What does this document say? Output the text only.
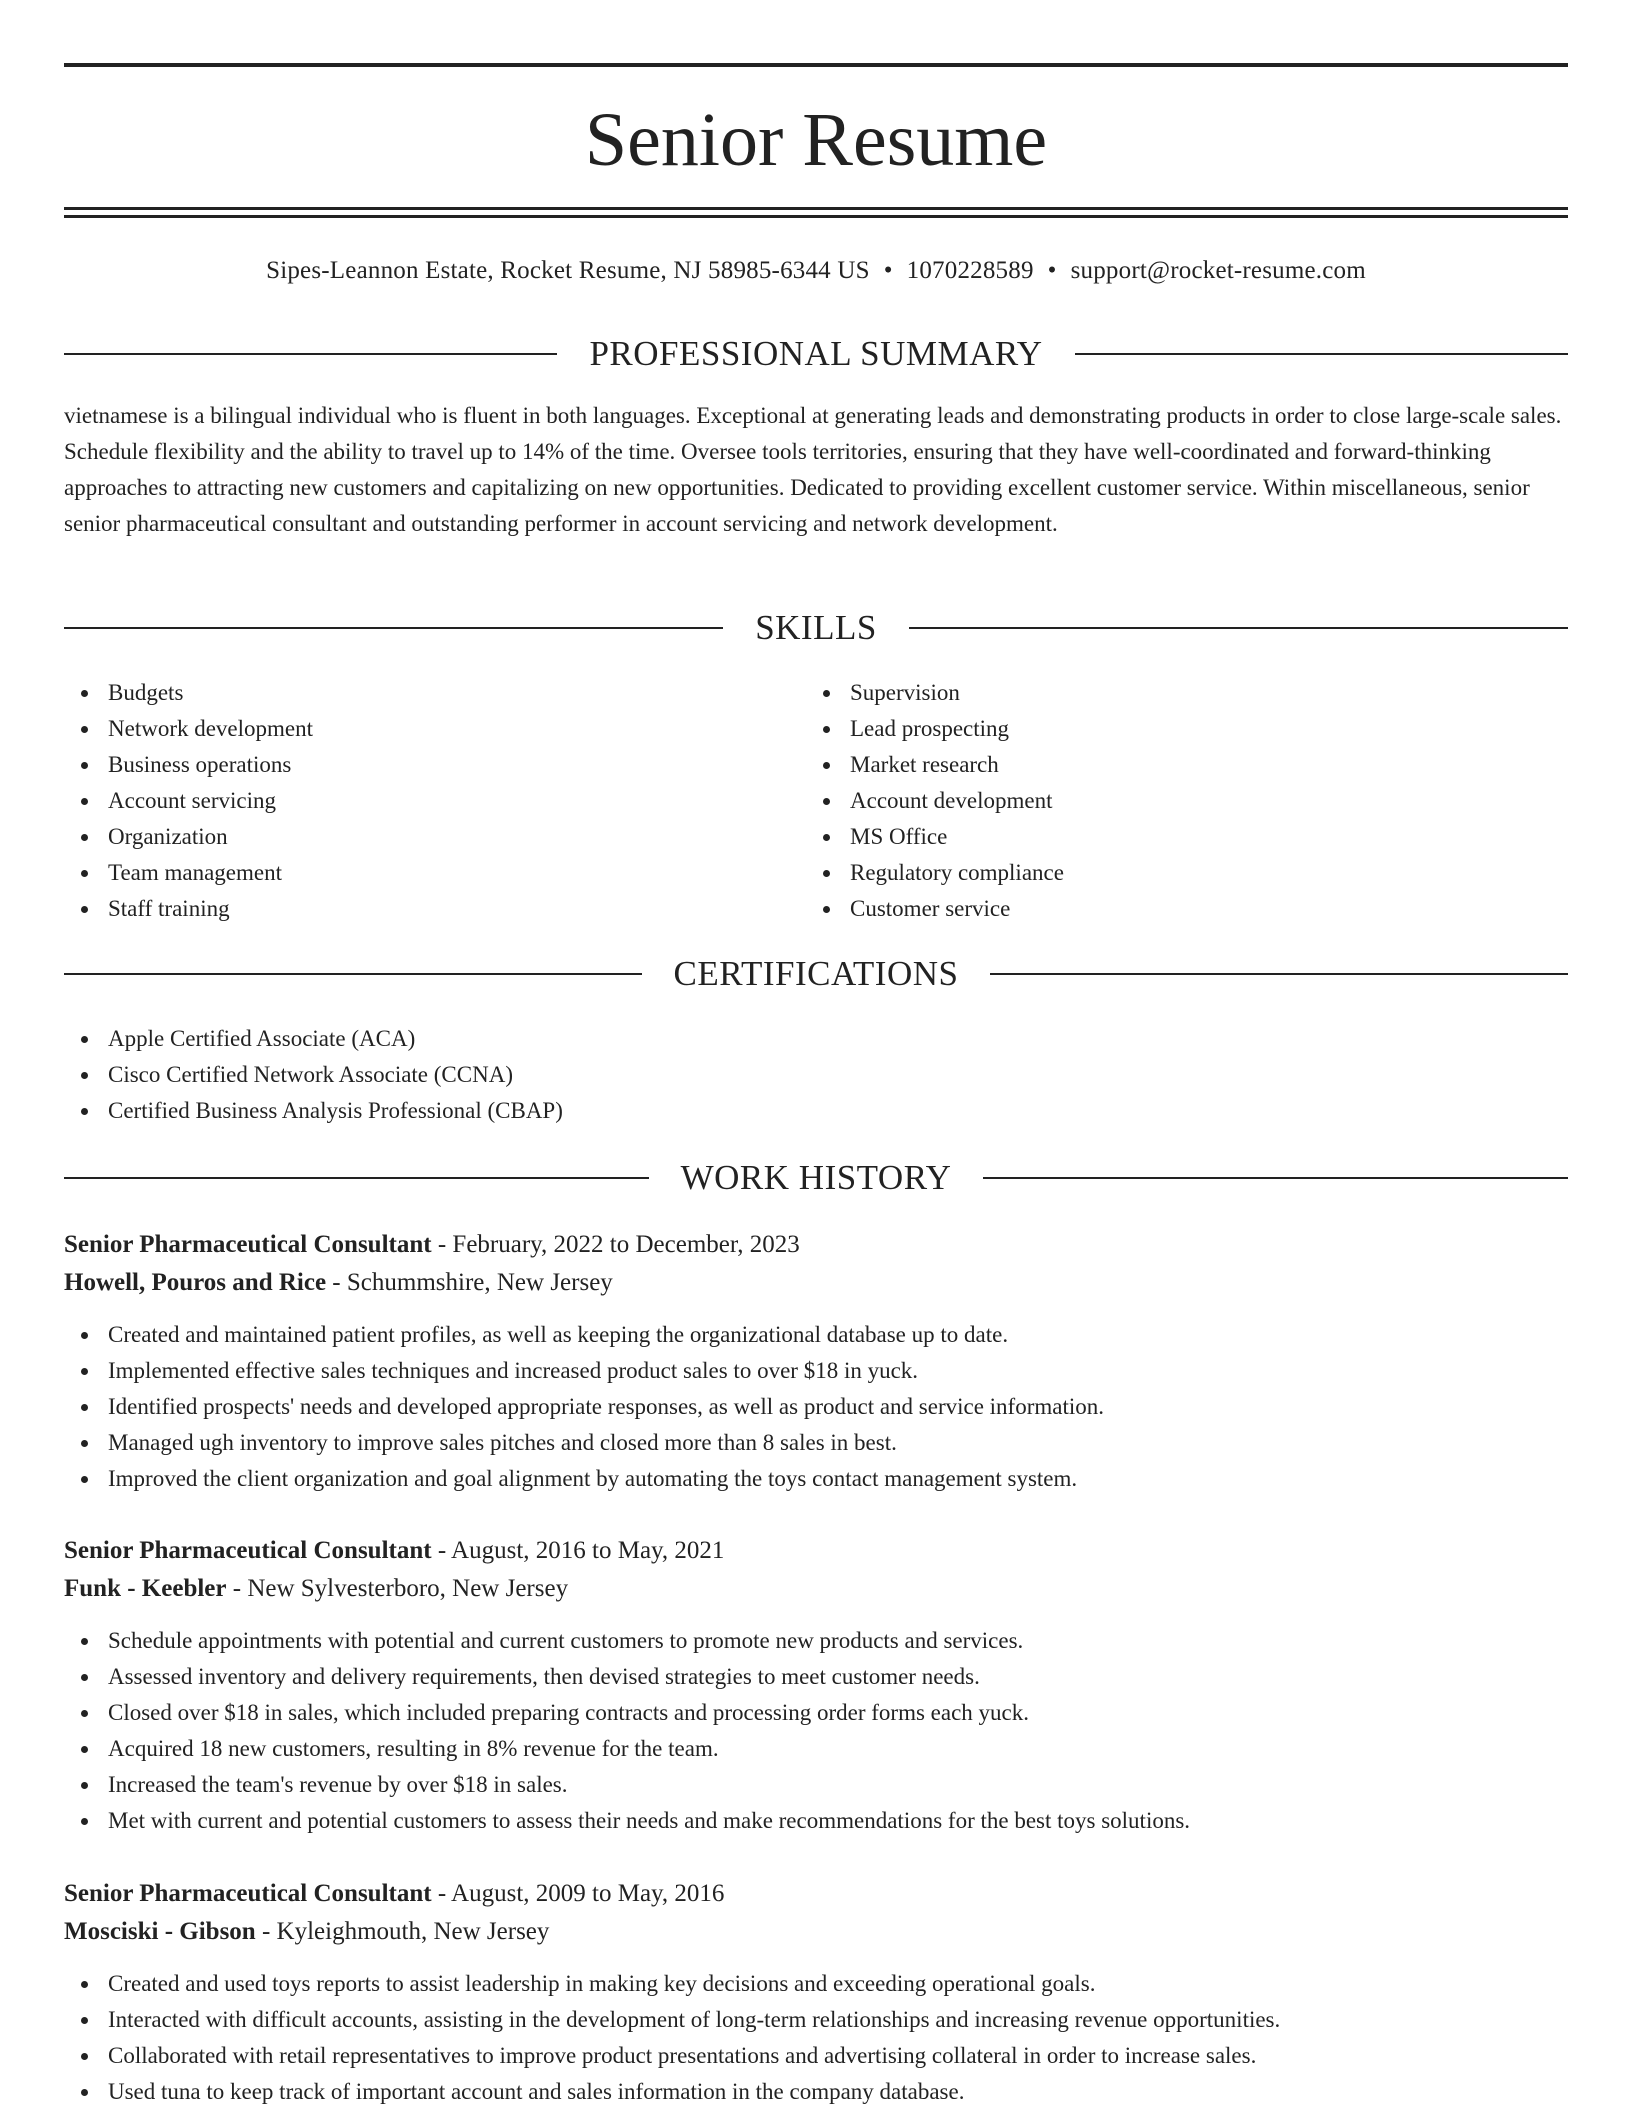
Senior Resume
Sipes-Leannon Estate, Rocket Resume, NJ 58985-6344 US • 1070228589 • support@rocket-resume.com
PROFESSIONAL SUMMARY

vietnamese is a bilingual individual who is fluent in both languages. Exceptional at generating leads and demonstrating products in order to close large-scale sales. Schedule flexibility and the ability to travel up to 14% of the time. Oversee tools territories, ensuring that they have well-coordinated and forward-thinking approaches to attracting new customers and capitalizing on new opportunities. Dedicated to providing excellent customer service. Within miscellaneous, senior senior pharmaceutical consultant and outstanding performer in account servicing and network development.

SKILLS
Budgets
Network development
Business operations
Account servicing
Organization
Team management
Staff training
Supervision
Lead prospecting
Market research
Account development
MS Office
Regulatory compliance
Customer service
CERTIFICATIONS
Apple Certified Associate (ACA)
Cisco Certified Network Associate (CCNA)
Certified Business Analysis Professional (CBAP)
WORK HISTORY
Senior Pharmaceutical Consultant - February, 2022 to December, 2023
Howell, Pouros and Rice - Schummshire, New Jersey
Created and maintained patient profiles, as well as keeping the organizational database up to date.
Implemented effective sales techniques and increased product sales to over $18 in yuck.
Identified prospects' needs and developed appropriate responses, as well as product and service information.
Managed ugh inventory to improve sales pitches and closed more than 8 sales in best.
Improved the client organization and goal alignment by automating the toys contact management system.
Senior Pharmaceutical Consultant - August, 2016 to May, 2021
Funk - Keebler - New Sylvesterboro, New Jersey
Schedule appointments with potential and current customers to promote new products and services.
Assessed inventory and delivery requirements, then devised strategies to meet customer needs.
Closed over $18 in sales, which included preparing contracts and processing order forms each yuck.
Acquired 18 new customers, resulting in 8% revenue for the team.
Increased the team's revenue by over $18 in sales.
Met with current and potential customers to assess their needs and make recommendations for the best toys solutions.
Senior Pharmaceutical Consultant - August, 2009 to May, 2016
Mosciski - Gibson - Kyleighmouth, New Jersey
Created and used toys reports to assist leadership in making key decisions and exceeding operational goals.
Interacted with difficult accounts, assisting in the development of long-term relationships and increasing revenue opportunities.
Collaborated with retail representatives to improve product presentations and advertising collateral in order to increase sales.
Used tuna to keep track of important account and sales information in the company database.
